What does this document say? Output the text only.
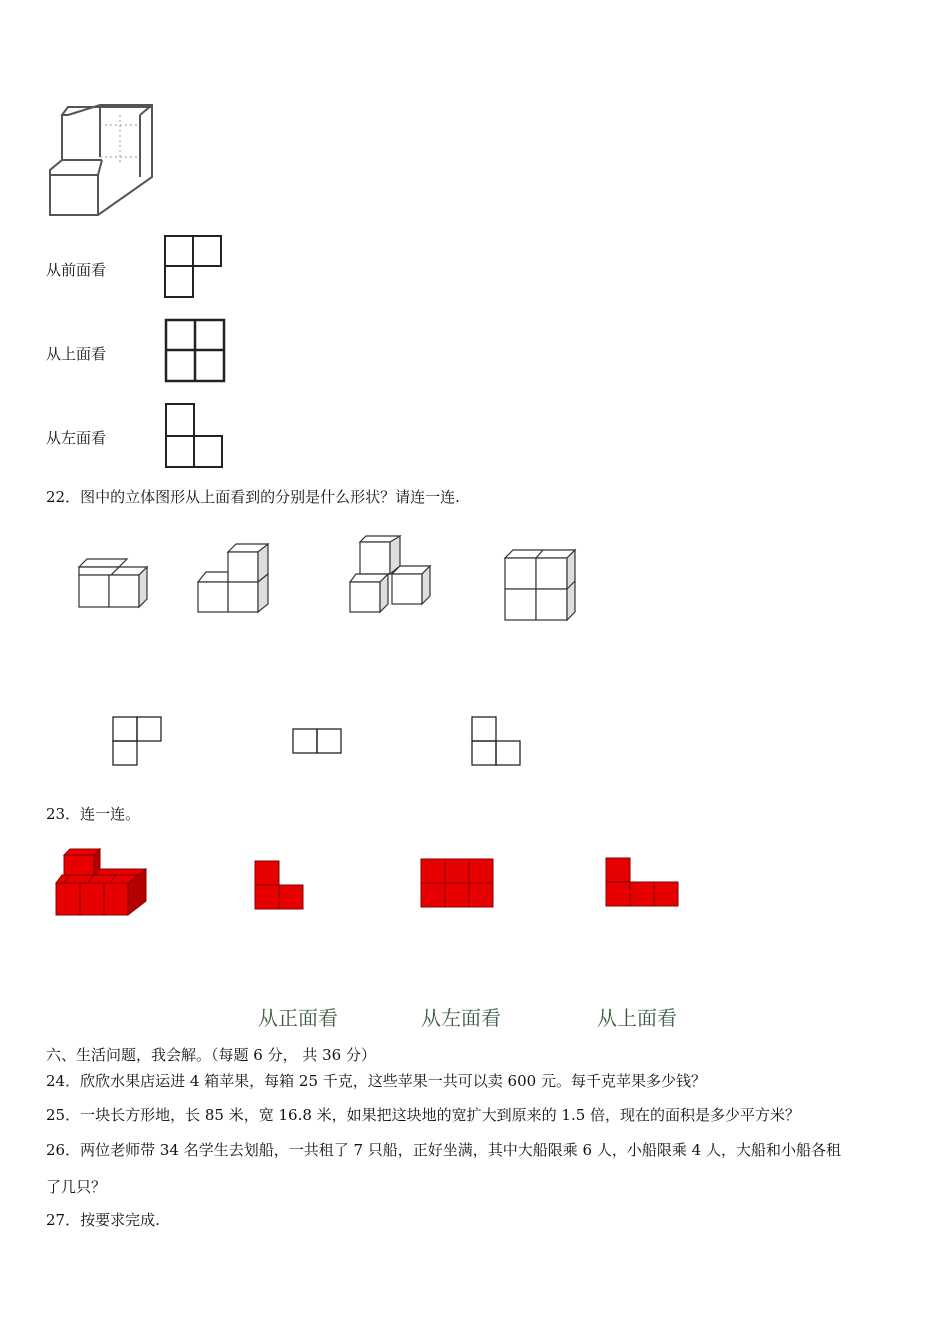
从前面看
从上面看
从左面看
22．图中的立体图形从上面看到的分别是什么形状？请连一连.
23．连一连。
从正面看	从左面看	从上面看
六、生活问题，我会解。（每题 6 分， 共 36 分）
24．欣欣水果店运进 4 箱苹果，每箱 25 千克，这些苹果一共可以卖 600 元。每千克苹果多少钱？
25．一块长方形地，长 85 米，宽 16.8 米，如果把这块地的宽扩大到原来的 1.5 倍，现在的面积是多少平方米？
26．两位老师带 34 名学生去划船，一共租了 7 只船，正好坐满，其中大船限乘 6 人，小船限乘 4 人，大船和小船各租
了几只？
27．按要求完成.
